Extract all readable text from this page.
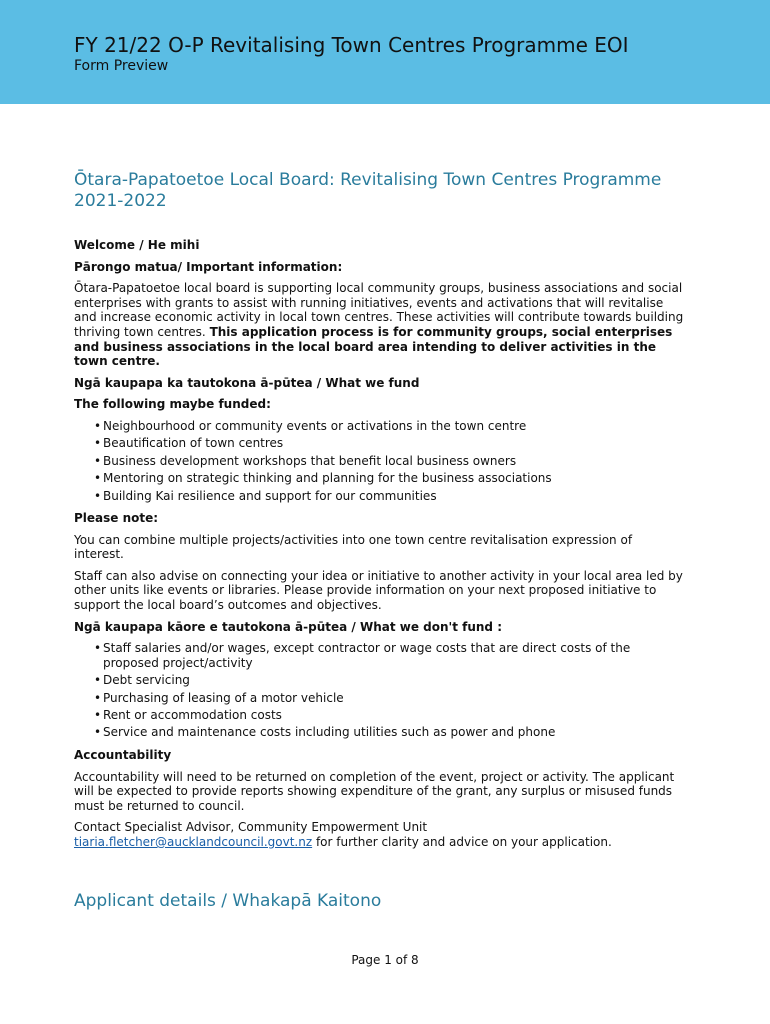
FY 21/22 O-P Revitalising Town Centres Programme EOI
Form Preview
Ōtara-Papatoetoe Local Board: Revitalising Town Centres Programme 2021-2022

Welcome / He mihi

Pārongo matua/ Important information:

Ōtara-Papatoetoe local board is supporting local community groups, business associations and social enterprises with grants to assist with running initiatives, events and activations that will revitalise and increase economic activity in local town centres. These activities will contribute towards building thriving town centres. This application process is for community groups, social enterprises and business associations in the local board area intending to deliver activities in the town centre.

Ngā kaupapa ka tautokona ā-pūtea / What we fund

The following maybe funded:

• Neighbourhood or community events or activations in the town centre
• Beautification of town centres
• Business development workshops that benefit local business owners
• Mentoring on strategic thinking and planning for the business associations
• Building Kai resilience and support for our communities

Please note:

You can combine multiple projects/activities into one town centre revitalisation expression of interest.

Staff can also advise on connecting your idea or initiative to another activity in your local area led by other units like events or libraries. Please provide information on your next proposed initiative to support the local board’s outcomes and objectives.

Ngā kaupapa kāore e tautokona ā-pūtea / What we don't fund :

• Staff salaries and/or wages, except contractor or wage costs that are direct costs of the proposed project/activity
• Debt servicing
• Purchasing of leasing of a motor vehicle
• Rent or accommodation costs
• Service and maintenance costs including utilities such as power and phone

Accountability

Accountability will need to be returned on completion of the event, project or activity. The applicant will be expected to provide reports showing expenditure of the grant, any surplus or misused funds must be returned to council.

Contact Specialist Advisor, Community Empowerment Unit
tiaria.fletcher@aucklandcouncil.govt.nz for further clarity and advice on your application.

Applicant details / Whakapā Kaitono
Page 1 of 8
